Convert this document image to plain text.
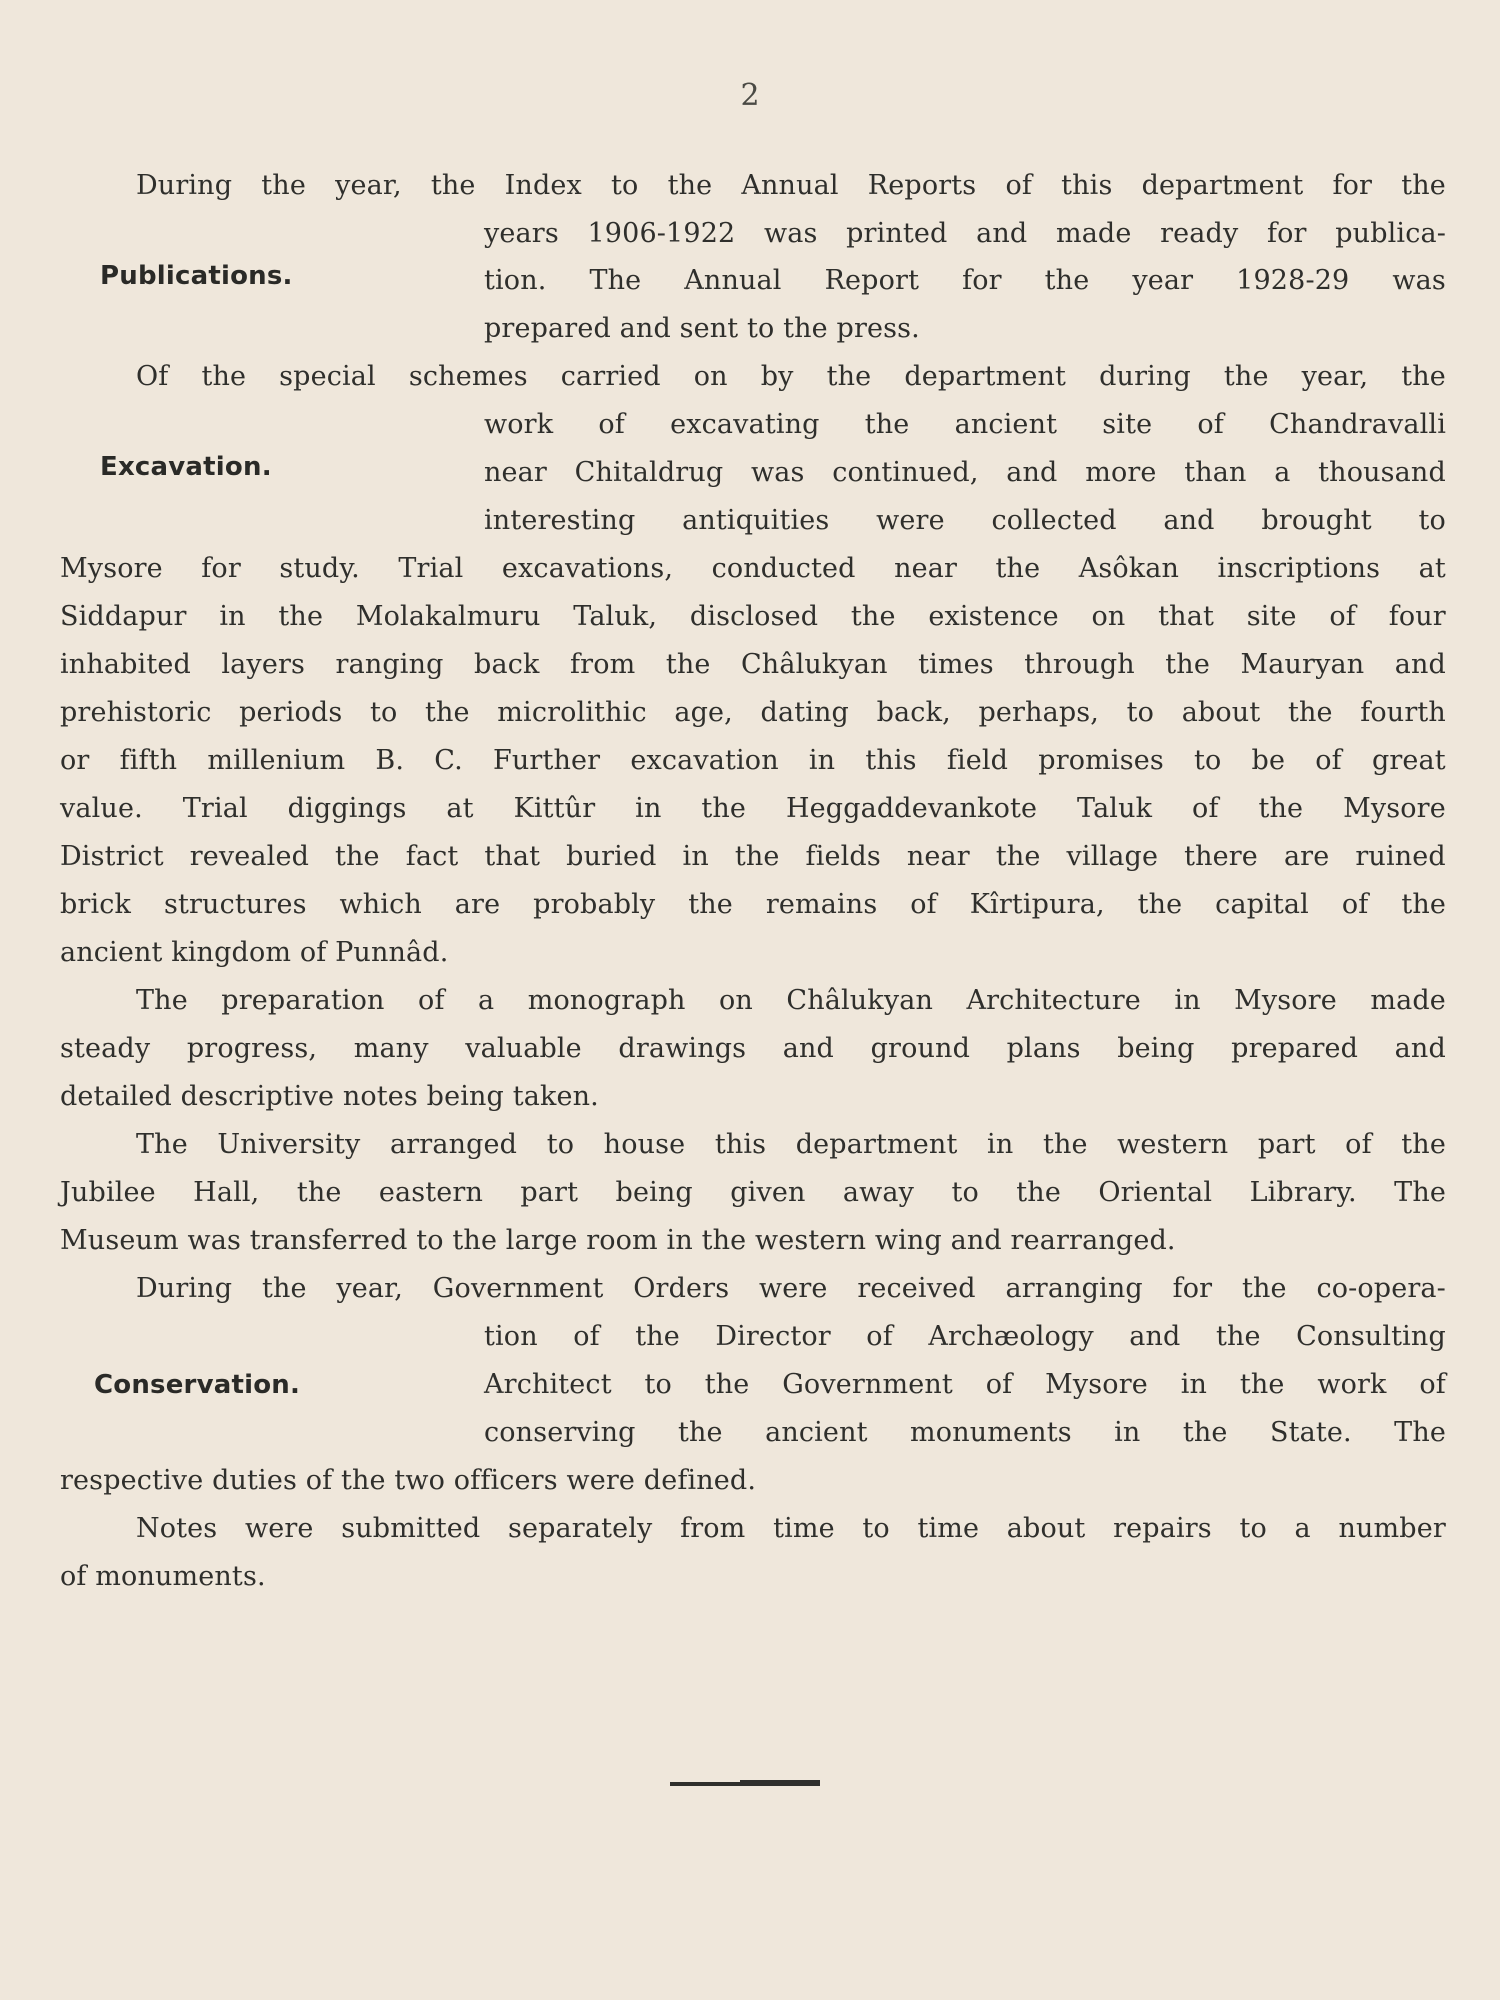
2
Publications.
Excavation.
Conservation.
During the year, the Index to the Annual Reports of this department for the
years 1906-1922 was printed and made ready for publica-
tion. The Annual Report for the year 1928-29 was
prepared and sent to the press.
Of the special schemes carried on by the department during the year, the
work of excavating the ancient site of Chandravalli
near Chitaldrug was continued, and more than a thousand
interesting antiquities were collected and brought to
Mysore for study. Trial excavations, conducted near the Asôkan inscriptions at
Siddapur in the Molakalmuru Taluk, disclosed the existence on that site of four
inhabited layers ranging back from the Châlukyan times through the Mauryan and
prehistoric periods to the microlithic age, dating back, perhaps, to about the fourth
or fifth millenium B. C. Further excavation in this field promises to be of great
value. Trial diggings at Kittûr in the Heggaddevankote Taluk of the Mysore
District revealed the fact that buried in the fields near the village there are ruined
brick structures which are probably the remains of Kîrtipura, the capital of the
ancient kingdom of Punnâd.
The preparation of a monograph on Châlukyan Architecture in Mysore made
steady progress, many valuable drawings and ground plans being prepared and
detailed descriptive notes being taken.
The University arranged to house this department in the western part of the
Jubilee Hall, the eastern part being given away to the Oriental Library. The
Museum was transferred to the large room in the western wing and rearranged.
During the year, Government Orders were received arranging for the co-opera-
tion of the Director of Archæology and the Consulting
Architect to the Government of Mysore in the work of
conserving the ancient monuments in the State. The
respective duties of the two officers were defined.
Notes were submitted separately from time to time about repairs to a number
of monuments.
